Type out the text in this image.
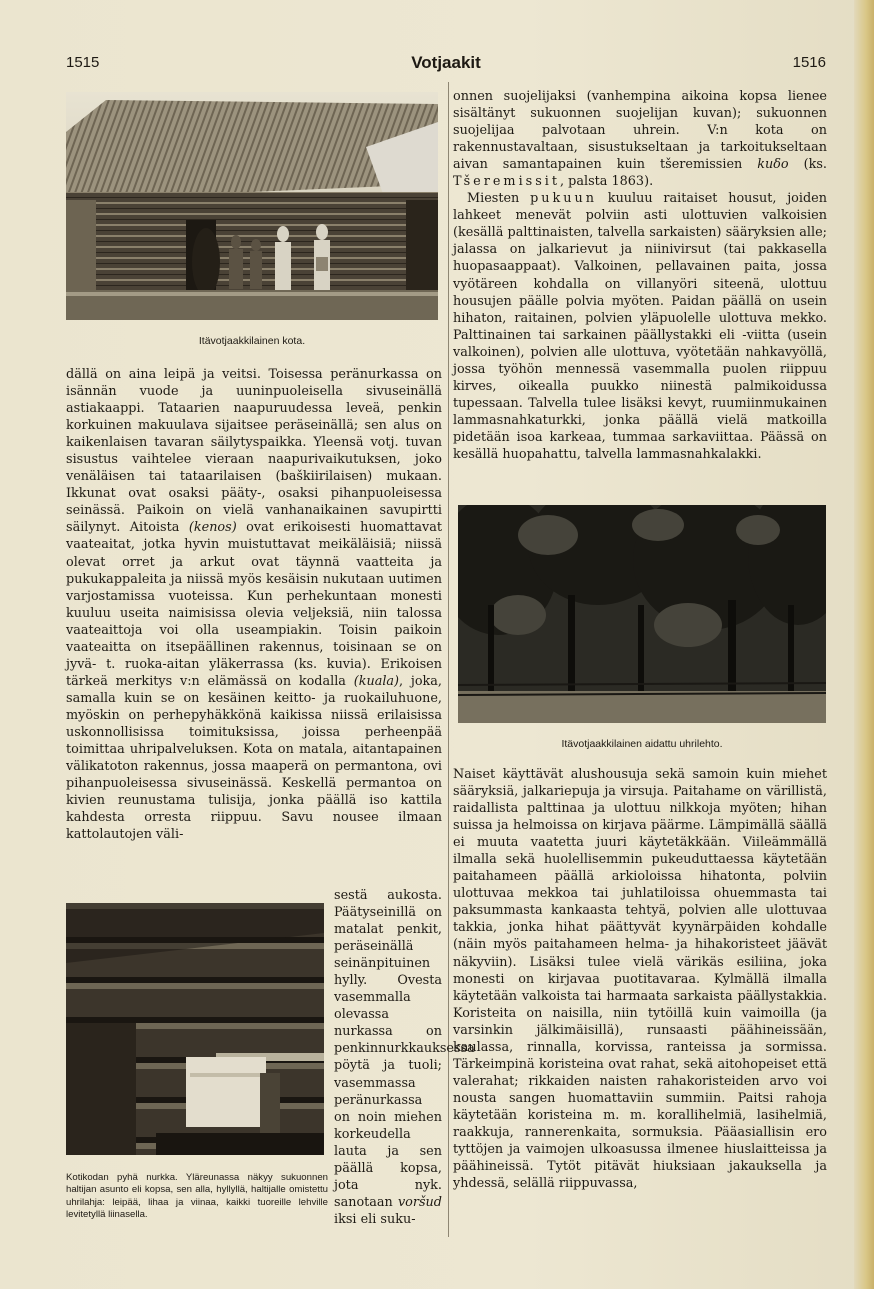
1515	Votjaakit	1516
Itävotjaakkilainen kota.

dällä on aina leipä ja veitsi. Toisessa peränurkassa on isännän vuode ja uuninpuoleisella sivuseinällä astiakaappi. Tataarien naapuruudessa leveä, penkin korkuinen makuulava sijaitsee peräseinällä; sen alus on kaikenlaisen tavaran säilytyspaikka. Yleensä votj. tuvan sisustus vaihtelee vieraan naapurivaikutuksen, joko venäläisen tai tataarilaisen (baškiirilaisen) mukaan. Ikkunat ovat osaksi pääty-, osaksi pihanpuoleisessa seinässä. Paikoin on vielä vanhanaikainen savupirtti säilynyt. Aitoista (kenos) ovat erikoisesti huomattavat vaateaitat, jotka hyvin muistuttavat meikäläisiä; niissä olevat orret ja arkut ovat täynnä vaatteita ja pukukappaleita ja niissä myös kesäisin nukutaan uutimen varjostamissa vuoteissa. Kun perhekuntaan monesti kuuluu useita naimisissa olevia veljeksiä, niin talossa vaateaittoja voi olla useampiakin. Toisin paikoin vaateaitta on itsepäällinen rakennus, toisinaan se on jyvä- t. ruoka-aitan yläkerrassa (ks. kuvia). Erikoisen tärkeä merkitys v:n elämässä on kodalla (kuala), joka, samalla kuin se on kesäinen keitto- ja ruokailuhuone, myöskin on perhepyhäkkönä kaikissa niissä erilaisissa uskonnollisissa toimituksissa, joissa perheenpää toimittaa uhripalveluksen. Kota on matala, aitantapainen välikatoton rakennus, jossa maaperä on permantona, ovi pihanpuoleisessa sivuseinässä. Keskellä permantoa on kivien reunustama tulisija, jonka päällä iso kattila kahdesta orresta riippuu. Savu nousee ilmaan kattolautojen väli-

Kotikodan pyhä nurkka. Yläreunassa näkyy sukuonnen haltijan asunto eli kopsa, sen alla, hyllyllä, haltijalle omistettu uhrilahja: leipää, lihaa ja viinaa, kaikki tuoreille lehville levitetyllä liinasella.

sestä aukosta. Päätyseinillä on matalat penkit, peräseinällä seinänpituinen hylly. Ovesta vasemmalla olevassa nurkassa on penkinnurkkauksessa pöytä ja tuoli; vasemmassa peränurkassa on noin miehen korkeudella lauta ja sen päällä kopsa, jota nyk. sanotaan voršud iksi eli suku-

onnen suojelijaksi (vanhempina aikoina kopsa lienee sisältänyt sukuonnen suojelijan kuvan); sukuonnen suojelijaa palvotaan uhrein. V:n kota on rakennustavaltaan, sisustukseltaan ja tarkoitukseltaan aivan samantapainen kuin tšeremissien kuδo (ks. Tšeremissit, palsta 1863).

Miesten pukuun kuuluu raitaiset housut, joiden lahkeet menevät polviin asti ulottuvien valkoisien (kesällä palttinaisten, talvella sarkaisten) sääryksien alle; jalassa on jalkarievut ja niinivirsut (tai pakkasella huopasaappaat). Valkoinen, pellavainen paita, jossa vyötäreen kohdalla on villanyöri siteenä, ulottuu housujen päälle polvia myöten. Paidan päällä on usein hihaton, raitainen, polvien yläpuolelle ulottuva mekko. Palttinainen tai sarkainen päällystakki eli -viitta (usein valkoinen), polvien alle ulottuva, vyötetään nahkavyöllä, jossa työhön mennessä vasemmalla puolen riippuu kirves, oikealla puukko niinestä palmikoidussa tupessaan. Talvella tulee lisäksi kevyt, ruumiinmukainen lammasnahkaturkki, jonka päällä vielä matkoilla pidetään isoa karkeaa, tummaa sarkaviittaa. Päässä on kesällä huopahattu, talvella lammasnahkalakki.

Itävotjaakkilainen aidattu uhrilehto.

Naiset käyttävät alushousuja sekä samoin kuin miehet sääryksiä, jalkariepuja ja virsuja. Paitahame on värillistä, raidallista palttinaa ja ulottuu nilkkoja myöten; hihan suissa ja helmoissa on kirjava päärme. Lämpimällä säällä ei muuta vaatetta juuri käytetäkkään. Viileämmällä ilmalla sekä huolellisemmin pukeuduttaessa käytetään paitahameen päällä arkioloissa hihatonta, polviin ulottuvaa mekkoa tai juhlatiloissa ohuemmasta tai paksummasta kankaasta tehtyä, polvien alle ulottuvaa takkia, jonka hihat päättyvät kyynärpäiden kohdalle (näin myös paitahameen helma- ja hihakoristeet jäävät näkyviin). Lisäksi tulee vielä värikäs esiliina, joka monesti on kirjavaa puotitavaraa. Kylmällä ilmalla käytetään valkoista tai harmaata sarkaista päällystakkia. Koristeita on naisilla, niin tytöillä kuin vaimoilla (ja varsinkin jälkimäisillä), runsaasti päähineissään, kaulassa, rinnalla, korvissa, ranteissa ja sormissa. Tärkeimpinä koristeina ovat rahat, sekä aitohopeiset että valerahat; rikkaiden naisten rahakoristeiden arvo voi nousta sangen huomattaviin summiin. Paitsi rahoja käytetään koristeina m. m. korallihelmiä, lasihelmiä, raakkuja, rannerenkaita, sormuksia. Pääasiallisin ero tyttöjen ja vaimojen ulkoasussa ilmenee hiuslaitteissa ja päähineissä. Tytöt pitävät hiuksiaan jakauksella ja yhdessä, selällä riippuvassa,
